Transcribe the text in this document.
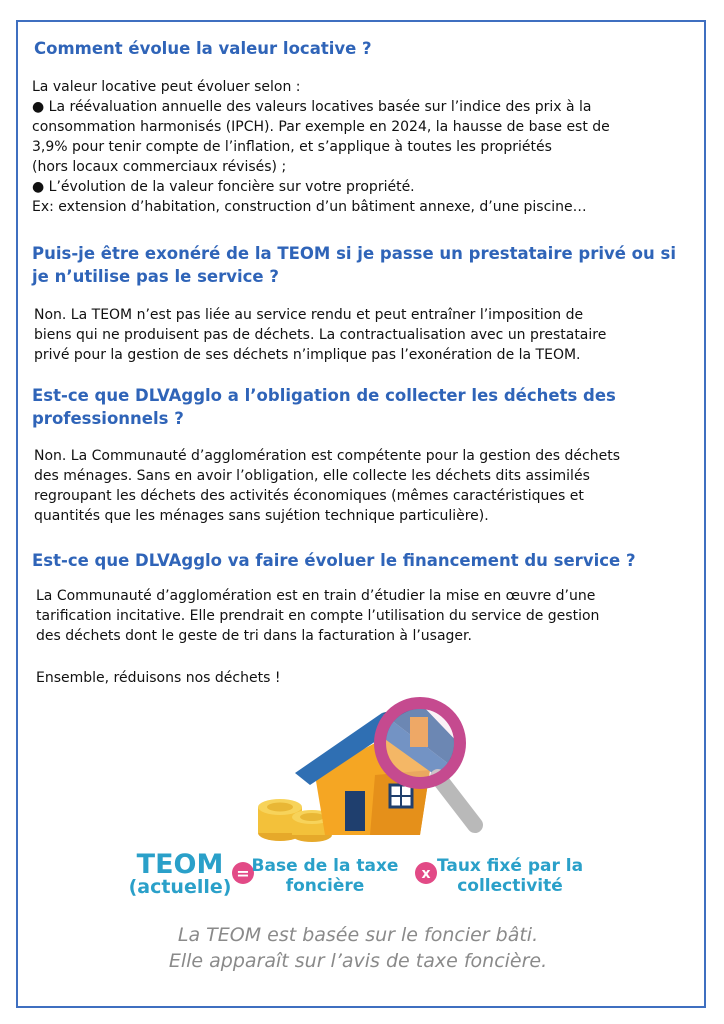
Comment évolue la valeur locative ?
La valeur locative peut évoluer selon :
● La réévaluation annuelle des valeurs locatives basée sur l’indice des prix à la
consommation harmonisés (IPCH). Par exemple en 2024, la hausse de base est de
3,9% pour tenir compte de l’inflation, et s’applique à toutes les propriétés
(hors locaux commerciaux révisés) ;
● L’évolution de la valeur foncière sur votre propriété.
Ex: extension d’habitation, construction d’un bâtiment annexe, d’une piscine…
Puis-je être exonéré de la TEOM si je passe un prestataire privé ou si
je n’utilise pas le service ?
Non. La TEOM n’est pas liée au service rendu et peut entraîner l’imposition de
biens qui ne produisent pas de déchets. La contractualisation avec un prestataire
privé pour la gestion de ses déchets n’implique pas l’exonération de la TEOM.
Est-ce que DLVAgglo a l’obligation de collecter les déchets des
professionnels ?
Non. La Communauté d’agglomération est compétente pour la gestion des déchets
des ménages. Sans en avoir l’obligation, elle collecte les déchets dits assimilés
regroupant les déchets des activités économiques (mêmes caractéristiques et
quantités que les ménages sans sujétion technique particulière).
Est-ce que DLVAgglo va faire évoluer le financement du service ?
La Communauté d’agglomération est en train d’étudier la mise en œuvre d’une
tarification incitative. Elle prendrait en compte l’utilisation du service de gestion
des déchets dont le geste de tri dans la facturation à l’usager.
Ensemble, réduisons nos déchets !
TEOM
(actuelle)
= Base de la taxe
foncière
x Taux fixé par la
collectivité
La TEOM est basée sur le foncier bâti.
Elle apparaît sur l’avis de taxe foncière.
